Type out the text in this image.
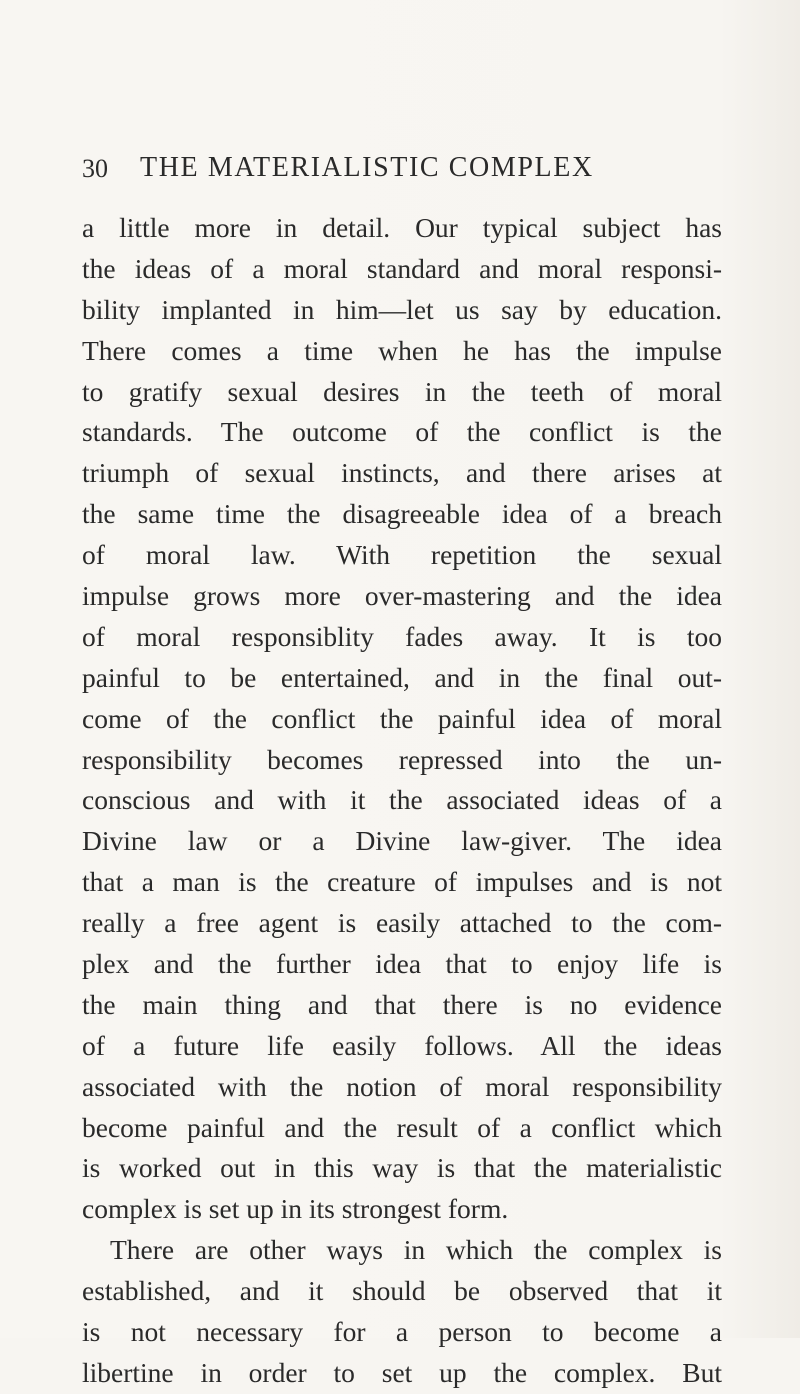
30 THE MATERIALISTIC COMPLEX
a little more in detail. Our typical subject has
the ideas of a moral standard and moral responsi-
bility implanted in him—let us say by education.
There comes a time when he has the impulse
to gratify sexual desires in the teeth of moral
standards. The outcome of the conflict is the
triumph of sexual instincts, and there arises at
the same time the disagreeable idea of a breach
of moral law. With repetition the sexual
impulse grows more over-mastering and the idea
of moral responsiblity fades away. It is too
painful to be entertained, and in the final out-
come of the conflict the painful idea of moral
responsibility becomes repressed into the un-
conscious and with it the associated ideas of a
Divine law or a Divine law-giver. The idea
that a man is the creature of impulses and is not
really a free agent is easily attached to the com-
plex and the further idea that to enjoy life is
the main thing and that there is no evidence
of a future life easily follows. All the ideas
associated with the notion of moral responsibility
become painful and the result of a conflict which
is worked out in this way is that the materialistic
complex is set up in its strongest form.
There are other ways in which the complex is
established, and it should be observed that it
is not necessary for a person to become a
libertine in order to set up the complex. But
